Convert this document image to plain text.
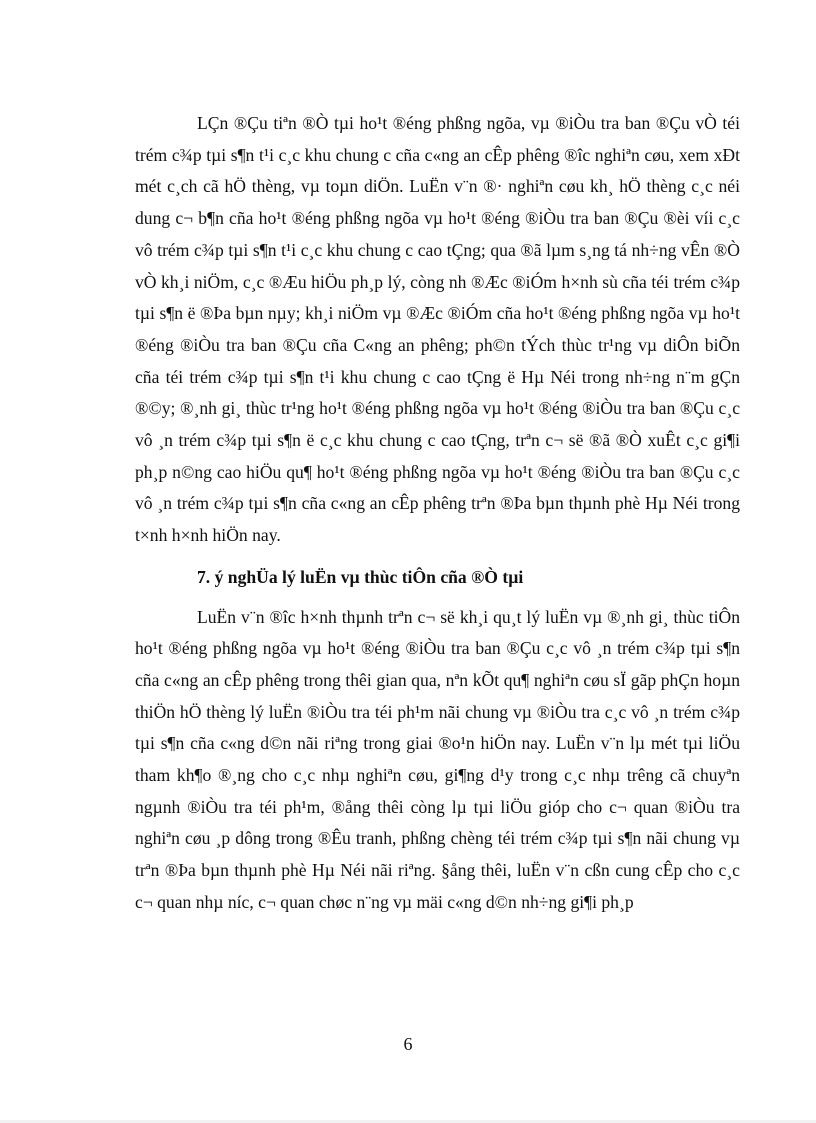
LÇn ®Çu tiªn ®Ò tµi ho¹t ®éng phßng ngõa, vµ ®iÒu tra ban ®Çu vÒ téi trém c¾p tµi s¶n t¹i c¸c khu chung c cña c«ng an cÊp phêng ®îc nghiªn cøu, xem xÐt mét c¸ch cã hÖ thèng, vµ toµn diÖn. LuËn v¨n ®· nghiªn cøu kh¸ hÖ thèng c¸c néi dung c¬ b¶n cña ho¹t ®éng phßng ngõa vµ ho¹t ®éng ®iÒu tra ban ®Çu ®èi víi c¸c vô trém c¾p tµi s¶n t¹i c¸c khu chung c cao tÇng; qua ®ã lµm s¸ng tá nh÷ng vÊn ®Ò vÒ kh¸i niÖm, c¸c ®Æu hiÖu ph¸p lý, còng nh ®Æc ®iÓm h×nh sù cña téi trém c¾p tµi s¶n ë ®Þa bµn nµy; kh¸i niÖm vµ ®Æc ®iÓm cña ho¹t ®éng phßng ngõa vµ ho¹t ®éng ®iÒu tra ban ®Çu cña C«ng an phêng; ph©n tÝch thùc tr¹ng vµ diÔn biÕn cña téi trém c¾p tµi s¶n t¹i khu chung c cao tÇng ë Hµ Néi trong nh÷ng n¨m gÇn ®©y; ®¸nh gi¸ thùc tr¹ng ho¹t ®éng phßng ngõa vµ ho¹t ®éng ®iÒu tra ban ®Çu c¸c vô ¸n trém c¾p tµi s¶n ë c¸c khu chung c cao tÇng, trªn c¬ së ®ã ®Ò xuÊt c¸c gi¶i ph¸p n©ng cao hiÖu qu¶ ho¹t ®éng phßng ngõa vµ ho¹t ®éng ®iÒu tra ban ®Çu c¸c vô ¸n trém c¾p tµi s¶n cña c«ng an cÊp phêng trªn ®Þa bµn thµnh phè Hµ Néi trong t×nh h×nh hiÖn nay.

7. ý nghÜa lý luËn vµ thùc tiÔn cña ®Ò tµi

LuËn v¨n ®îc h×nh thµnh trªn c¬ së kh¸i qu¸t lý luËn vµ ®¸nh gi¸ thùc tiÔn ho¹t ®éng phßng ngõa vµ ho¹t ®éng ®iÒu tra ban ®Çu c¸c vô ¸n trém c¾p tµi s¶n cña c«ng an cÊp phêng trong thêi gian qua, nªn kÕt qu¶ nghiªn cøu sÏ gãp phÇn hoµn thiÖn hÖ thèng lý luËn ®iÒu tra téi ph¹m nãi chung vµ ®iÒu tra c¸c vô ¸n trém c¾p tµi s¶n cña c«ng d©n nãi riªng trong giai ®o¹n hiÖn nay. LuËn v¨n lµ mét tµi liÖu tham kh¶o ®¸ng cho c¸c nhµ nghiªn cøu, gi¶ng d¹y trong c¸c nhµ trêng cã chuyªn ngµnh ®iÒu tra téi ph¹m, ®ång thêi còng lµ tµi liÖu gióp cho c¬ quan ®iÒu tra nghiªn cøu ¸p dông trong ®Êu tranh, phßng chèng téi trém c¾p tµi s¶n nãi chung vµ trªn ®Þa bµn thµnh phè Hµ Néi nãi riªng. §ång thêi, luËn v¨n cßn cung cÊp cho c¸c c¬ quan nhµ níc, c¬ quan chøc n¨ng vµ mäi c«ng d©n nh÷ng gi¶i ph¸p

6
